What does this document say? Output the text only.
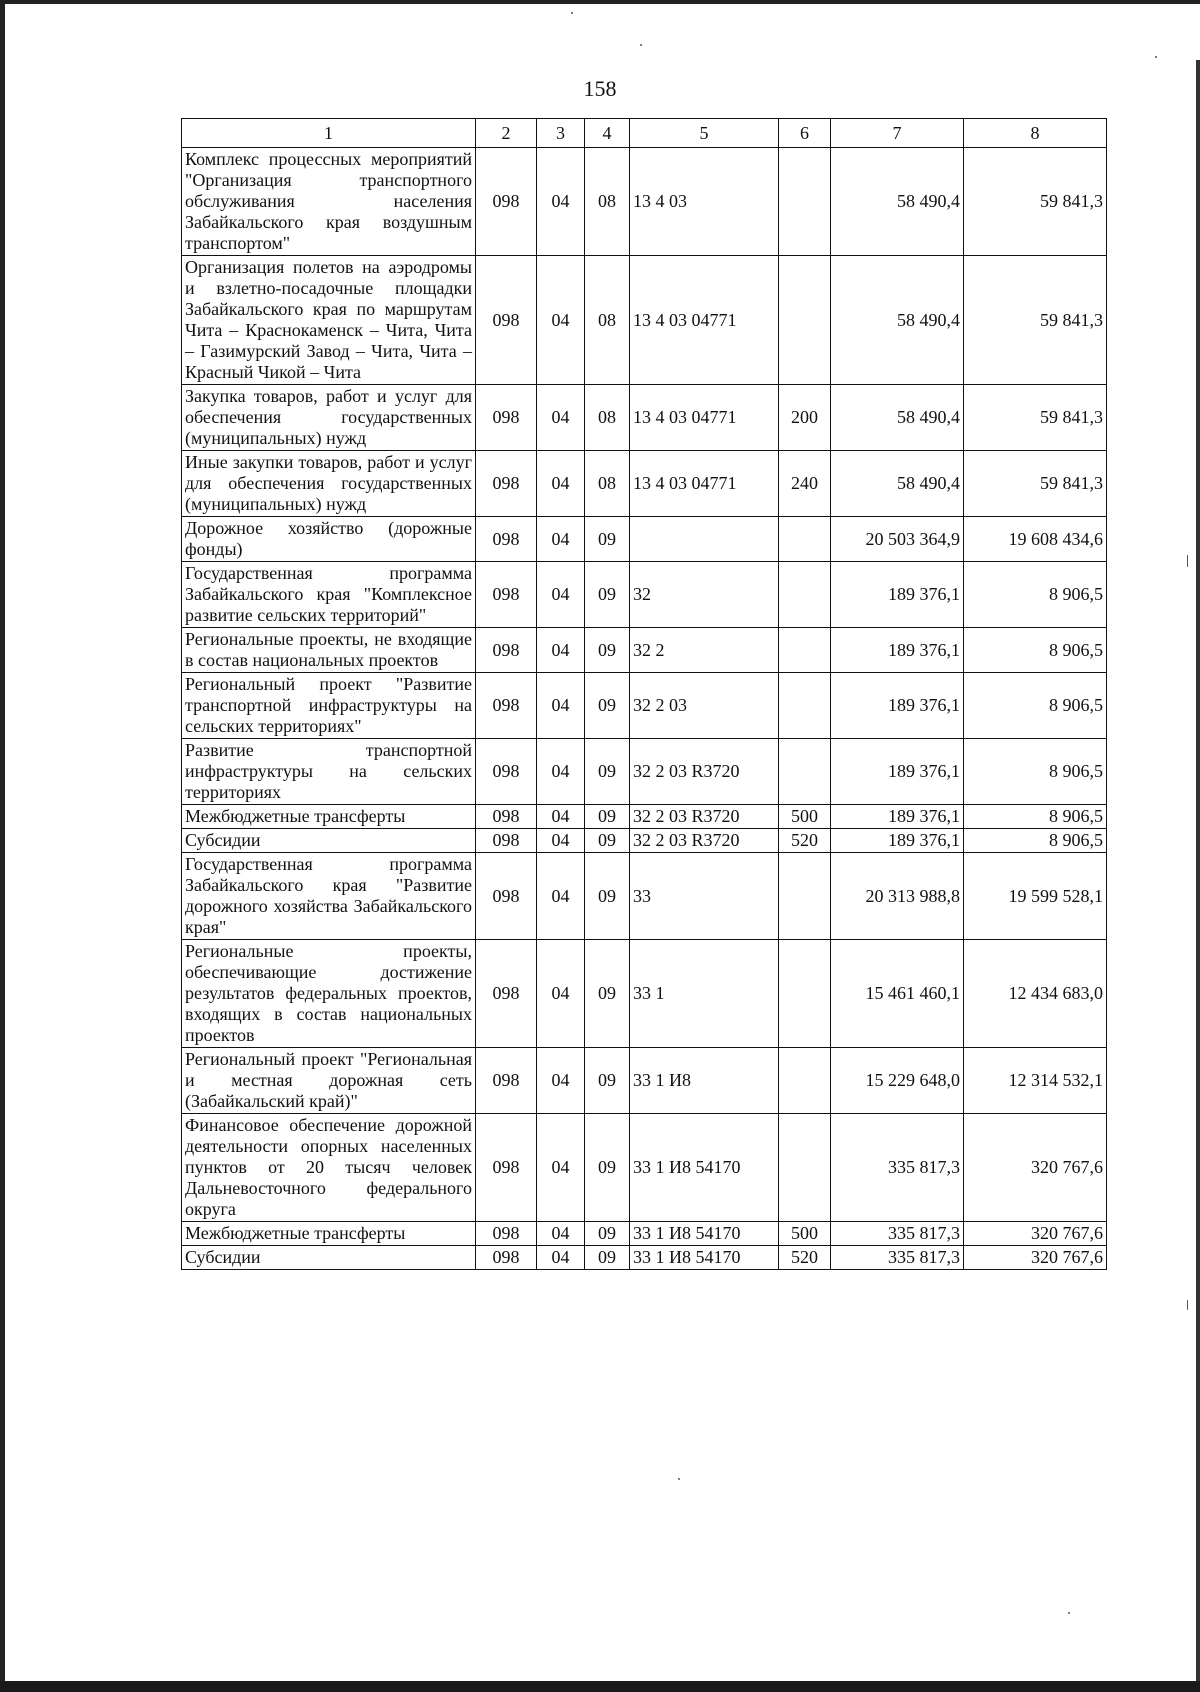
158
1	2	3	4	5	6	7	8
Комплекс процессных мероприятий "Организация транспортного обслуживания населения Забайкальского края воздушным транспортом"	098	04	08	13 4 03		58 490,4	59 841,3
Организация полетов на аэродромы и взлетно-посадочные площадки Забайкальского края по маршрутам Чита – Краснокаменск – Чита, Чита – Газимурский Завод – Чита, Чита – Красный Чикой – Чита	098	04	08	13 4 03 04771		58 490,4	59 841,3
Закупка товаров, работ и услуг для обеспечения государственных (муниципальных) нужд	098	04	08	13 4 03 04771	200	58 490,4	59 841,3
Иные закупки товаров, работ и услуг для обеспечения государственных (муниципальных) нужд	098	04	08	13 4 03 04771	240	58 490,4	59 841,3
Дорожное хозяйство (дорожные фонды)	098	04	09			20 503 364,9	19 608 434,6
Государственная программа Забайкальского края "Комплексное развитие сельских территорий"	098	04	09	32		189 376,1	8 906,5
Региональные проекты, не входящие в состав национальных проектов	098	04	09	32 2		189 376,1	8 906,5
Региональный проект "Развитие транспортной инфраструктуры на сельских территориях"	098	04	09	32 2 03		189 376,1	8 906,5
Развитие транспортной инфраструктуры на сельских территориях	098	04	09	32 2 03 R3720		189 376,1	8 906,5
Межбюджетные трансферты	098	04	09	32 2 03 R3720	500	189 376,1	8 906,5
Субсидии	098	04	09	32 2 03 R3720	520	189 376,1	8 906,5
Государственная программа Забайкальского края "Развитие дорожного хозяйства Забайкальского края"	098	04	09	33		20 313 988,8	19 599 528,1
Региональные проекты, обеспечивающие достижение результатов федеральных проектов, входящих в состав национальных проектов	098	04	09	33 1		15 461 460,1	12 434 683,0
Региональный проект "Региональная и местная дорожная сеть (Забайкальский край)"	098	04	09	33 1 И8		15 229 648,0	12 314 532,1
Финансовое обеспечение дорожной деятельности опорных населенных пунктов от 20 тысяч человек Дальневосточного федерального округа	098	04	09	33 1 И8 54170		335 817,3	320 767,6
Межбюджетные трансферты	098	04	09	33 1 И8 54170	500	335 817,3	320 767,6
Субсидии	098	04	09	33 1 И8 54170	520	335 817,3	320 767,6
